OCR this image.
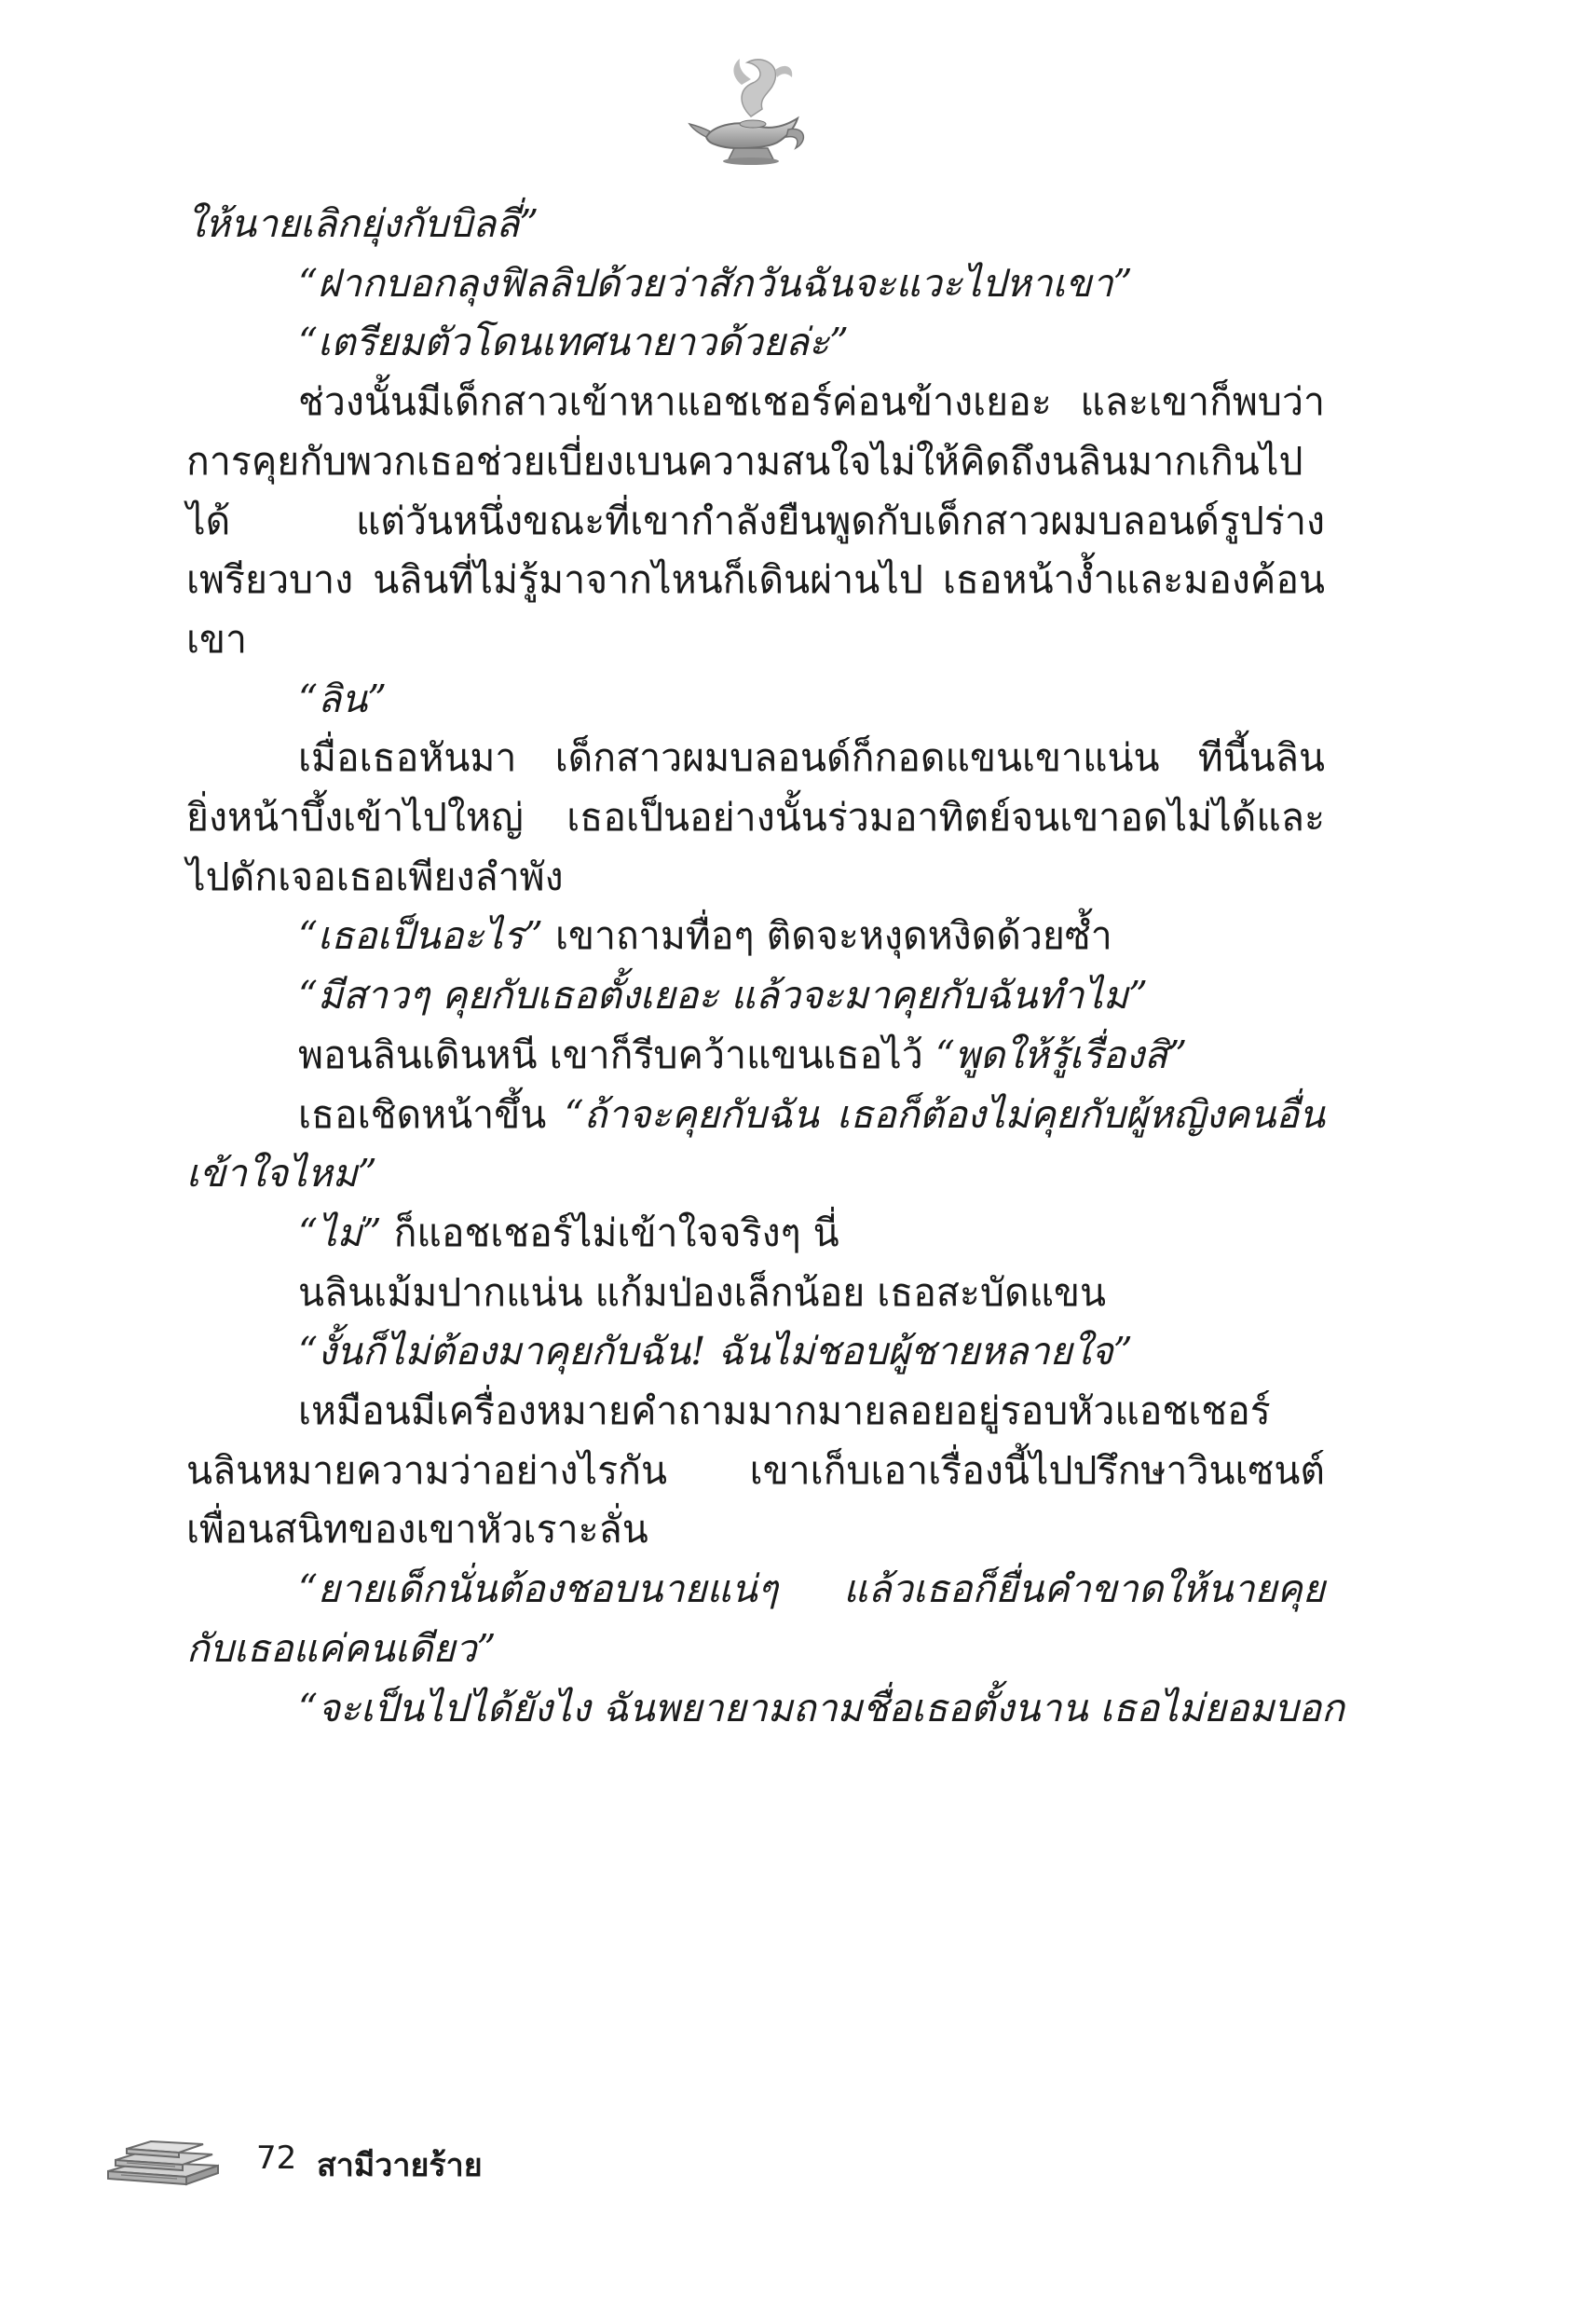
ให้นายเลิกยุ่งกับบิลลี่”
“ฝากบอกลุงฟิลลิปด้วยว่าสักวันฉันจะแวะไปหาเขา”
“เตรียมตัวโดนเทศนายาวด้วยล่ะ”
ช่วงนั้นมีเด็กสาวเข้าหาแอชเชอร์ค่อนข้างเยอะ และเขาก็พบว่า
การคุยกับพวกเธอช่วยเบี่ยงเบนความสนใจไม่ให้คิดถึงนลินมากเกินไป
ได้ แต่วันหนึ่งขณะที่เขากำลังยืนพูดกับเด็กสาวผมบลอนด์รูปร่าง
เพรียวบาง นลินที่ไม่รู้มาจากไหนก็เดินผ่านไป เธอหน้างํ้าและมองค้อน
เขา
“ลิน”
เมื่อเธอหันมา เด็กสาวผมบลอนด์ก็กอดแขนเขาแน่น ทีนี้นลิน
ยิ่งหน้าบึ้งเข้าไปใหญ่ เธอเป็นอย่างนั้นร่วมอาทิตย์จนเขาอดไม่ได้และ
ไปดักเจอเธอเพียงลำพัง
“เธอเป็นอะไร” เขาถามทื่อๆ ติดจะหงุดหงิดด้วยซํ้า
“มีสาวๆ คุยกับเธอตั้งเยอะ แล้วจะมาคุยกับฉันทำไม”
พอนลินเดินหนี เขาก็รีบคว้าแขนเธอไว้ “พูดให้รู้เรื่องสิ”
เธอเชิดหน้าขึ้น “ถ้าจะคุยกับฉัน เธอก็ต้องไม่คุยกับผู้หญิงคนอื่น
เข้าใจไหม”
“ไม่” ก็แอชเชอร์ไม่เข้าใจจริงๆ นี่
นลินเม้มปากแน่น แก้มป่องเล็กน้อย เธอสะบัดแขน
“งั้นก็ไม่ต้องมาคุยกับฉัน! ฉันไม่ชอบผู้ชายหลายใจ”
เหมือนมีเครื่องหมายคำถามมากมายลอยอยู่รอบหัวแอชเชอร์
นลินหมายความว่าอย่างไรกัน เขาเก็บเอาเรื่องนี้ไปปรึกษาวินเซนต์
เพื่อนสนิทของเขาหัวเราะลั่น
“ยายเด็กนั่นต้องชอบนายแน่ๆ แล้วเธอก็ยื่นคำขาดให้นายคุย
กับเธอแค่คนเดียว”
“จะเป็นไปได้ยังไง ฉันพยายามถามชื่อเธอตั้งนาน เธอไม่ยอมบอก
72 สามีวายร้าย
